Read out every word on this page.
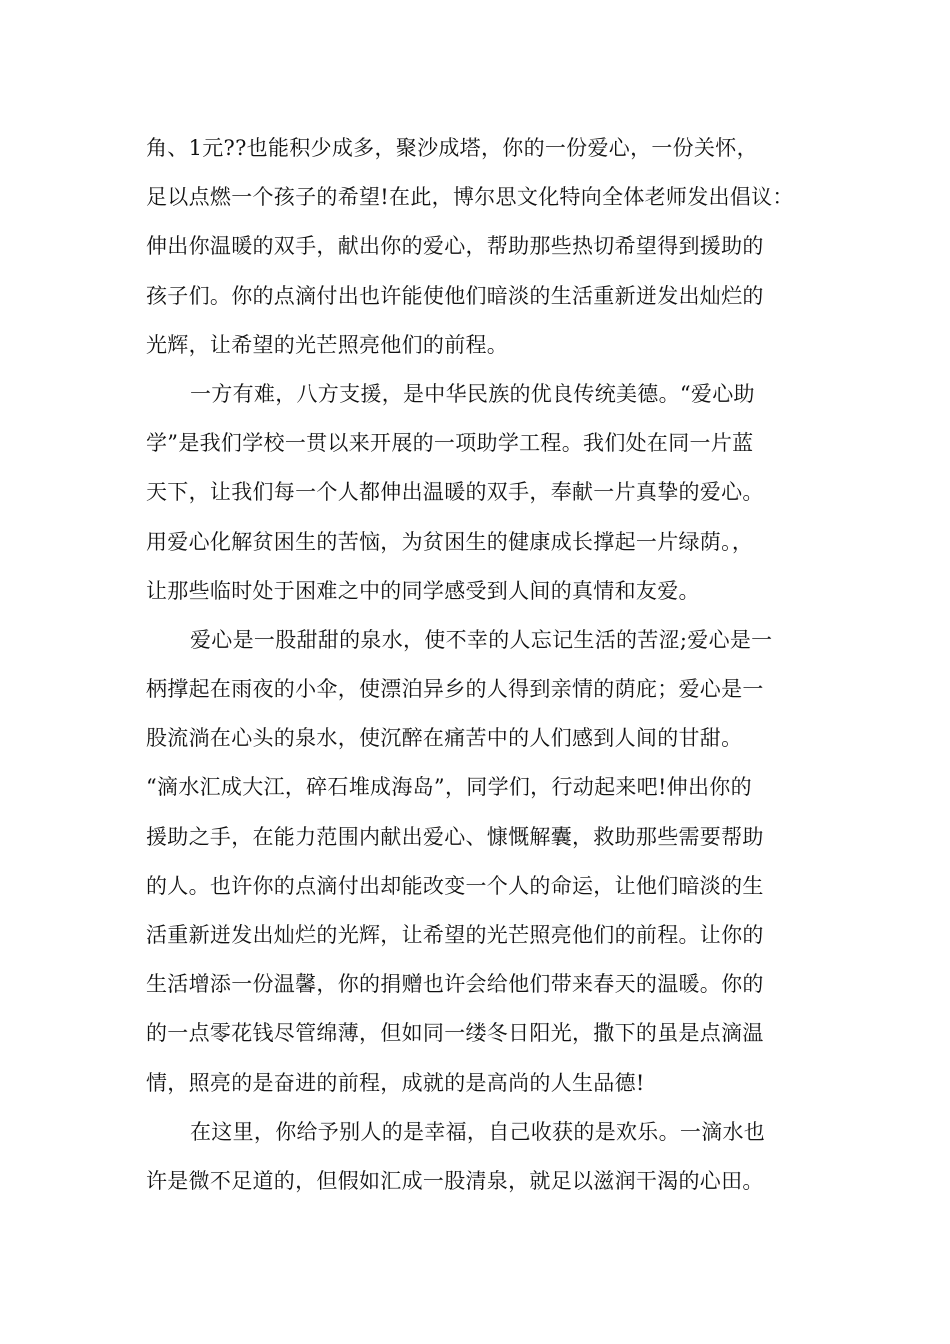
角、1元??也能积少成多，聚沙成塔，你的一份爱心，一份关怀，
足以点燃一个孩子的希望!在此，博尔思文化特向全体老师发出倡议：
伸出你温暖的双手，献出你的爱心，帮助那些热切希望得到援助的
孩子们。你的点滴付出也许能使他们暗淡的生活重新迸发出灿烂的
光辉，让希望的光芒照亮他们的前程。
一方有难，八方支援，是中华民族的优良传统美德。“爱心助
学”是我们学校一贯以来开展的一项助学工程。我们处在同一片蓝
天下，让我们每一个人都伸出温暖的双手，奉献一片真挚的爱心。
用爱心化解贫困生的苦恼，为贫困生的健康成长撑起一片绿荫。，
让那些临时处于困难之中的同学感受到人间的真情和友爱。
爱心是一股甜甜的泉水，使不幸的人忘记生活的苦涩;爱心是一
柄撑起在雨夜的小伞，使漂泊异乡的人得到亲情的荫庇；爱心是一
股流淌在心头的泉水，使沉醉在痛苦中的人们感到人间的甘甜。
“滴水汇成大江，碎石堆成海岛”，同学们，行动起来吧!伸出你的
援助之手，在能力范围内献出爱心、慷慨解囊，救助那些需要帮助
的人。也许你的点滴付出却能改变一个人的命运，让他们暗淡的生
活重新迸发出灿烂的光辉，让希望的光芒照亮他们的前程。让你的
生活增添一份温馨，你的捐赠也许会给他们带来春天的温暖。你的
的一点零花钱尽管绵薄，但如同一缕冬日阳光，撒下的虽是点滴温
情，照亮的是奋进的前程，成就的是高尚的人生品德!
在这里，你给予别人的是幸福，自己收获的是欢乐。一滴水也
许是微不足道的，但假如汇成一股清泉，就足以滋润干渴的心田。
